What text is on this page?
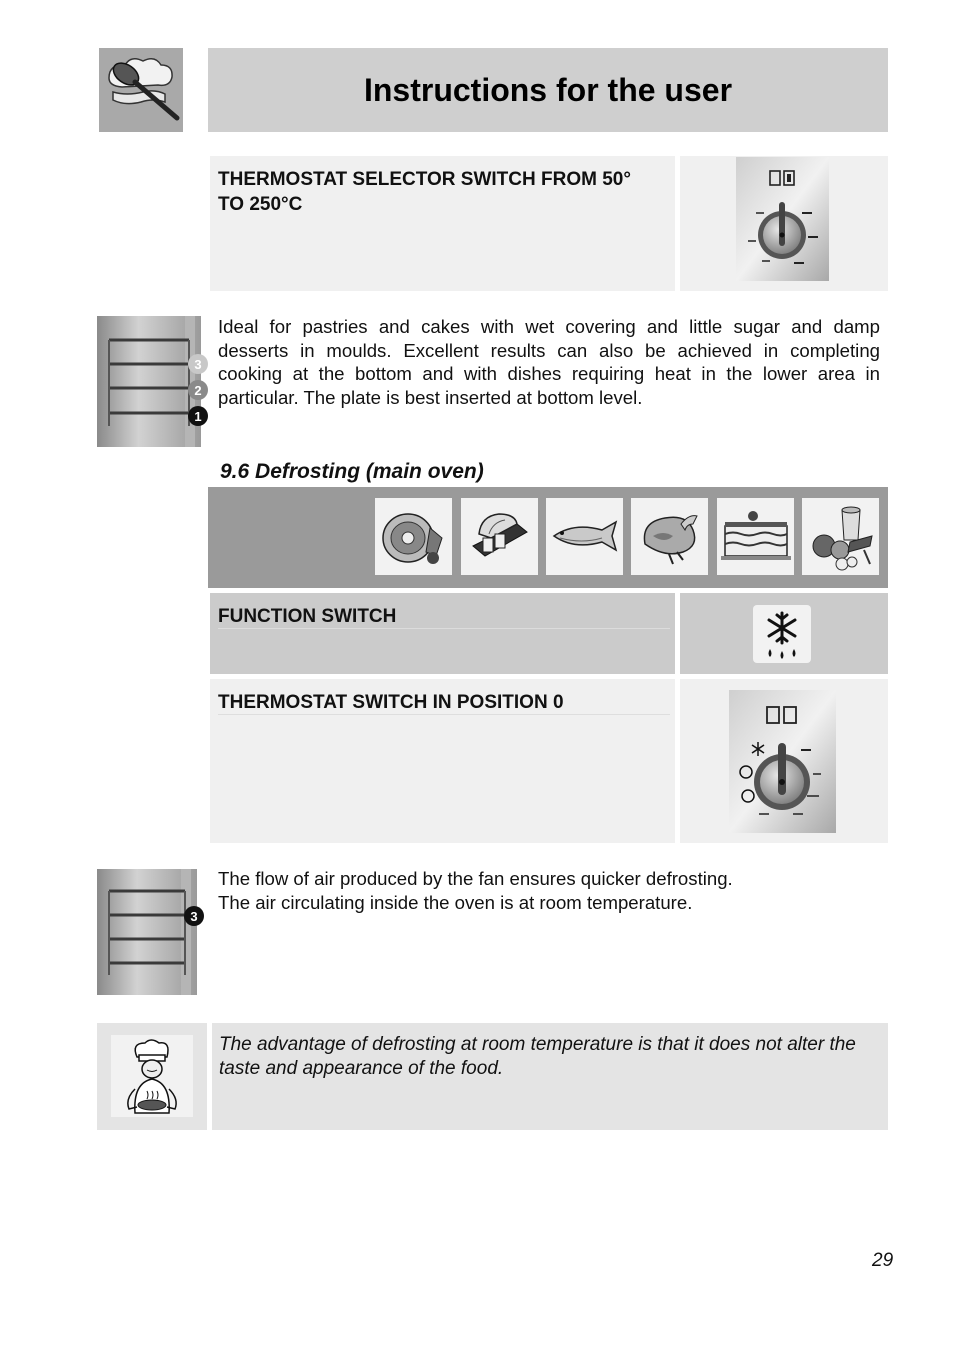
Instructions for the user
THERMOSTAT SELECTOR SWITCH FROM 50° TO 250°C
3
2
1
Ideal for pastries and cakes with wet covering and little sugar and damp desserts in moulds. Excellent results can also be achieved in completing cooking at the bottom and with dishes requiring heat in the lower area in particular. The plate is best inserted at bottom level.
9.6 Defrosting (main oven)
FUNCTION SWITCH
THERMOSTAT SWITCH IN POSITION 0
3
The flow of air produced by the fan ensures quicker defrosting.
The air circulating inside the oven is at room temperature.
The advantage of defrosting at room temperature is that it does not alter the taste and appearance of the food.
29
